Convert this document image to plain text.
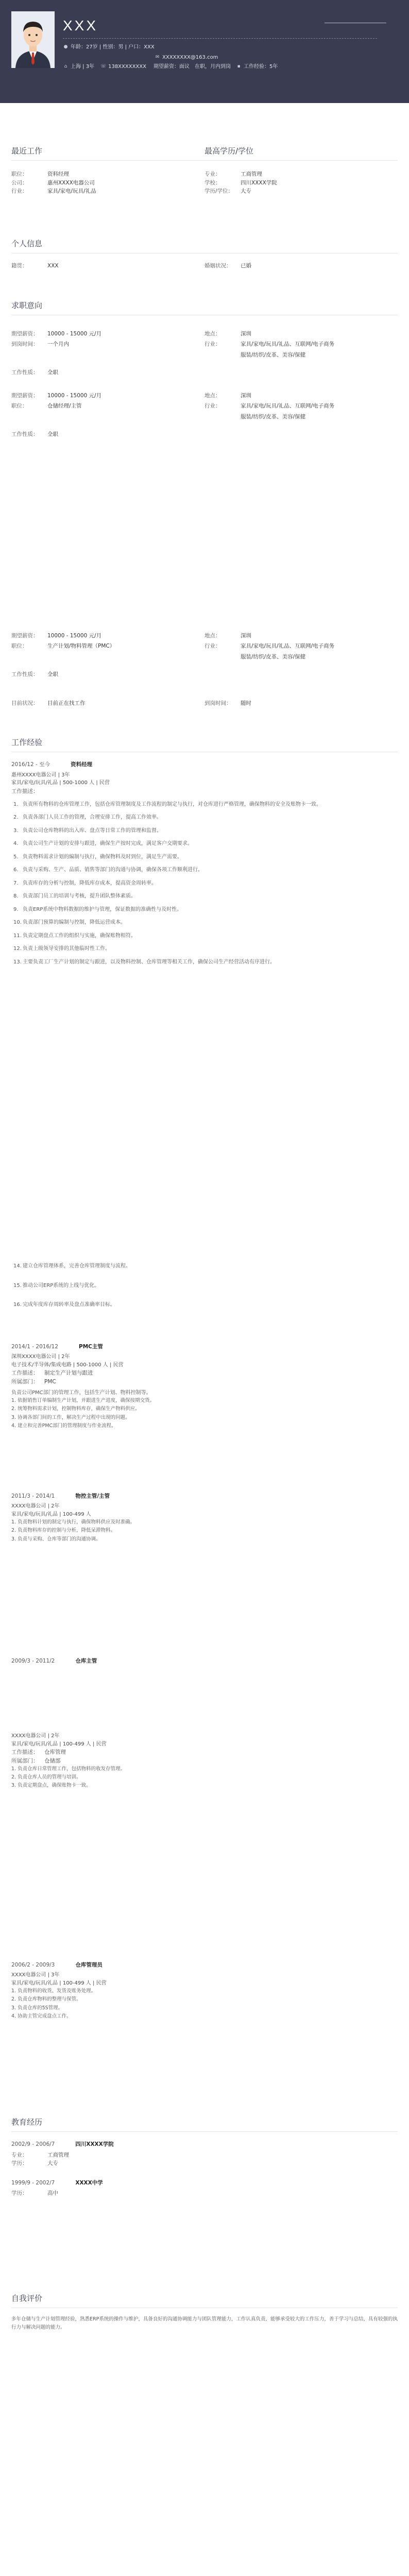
XXX
● 年龄：27岁 | 性别：男 | 户口：XXX
✉ XXXXXXXX@163.com
⌂ 上海 | 3年 ☏ 138XXXXXXXX 期望薪资：面议 在职，月内到岗 ▪ 工作经验：5年
最近工作	最高学历/学位
职位：	资料经理
公司：	惠州XXXX电器公司
行业：	家具/家电/玩具/礼品
专业：	工商管理
学校：	四川XXXX学院
学历/学位：	大专
个人信息
籍贯：	XXX	婚姻状况：	已婚
求职意向
期望薪资：	10000 - 15000 元/月
到岗时间：	一个月内
地点：	深圳
行业：	家具/家电/玩具/礼品、互联网/电子商务
服装/纺织/皮革、美容/保健
工作性质：	全职
期望薪资：	10000 - 15000 元/月
职位：	仓储经理/主管
地点：	深圳
行业：	家具/家电/玩具/礼品、互联网/电子商务
服装/纺织/皮革、美容/保健
工作性质：	全职
期望薪资：	10000 - 15000 元/月
职位：	生产计划/物料管理（PMC）
地点：	深圳
行业：	家具/家电/玩具/礼品、互联网/电子商务
服装/纺织/皮革、美容/保健
工作性质：	全职
目前状况：	目前正在找工作	到岗时间：	随时
工作经验
2016/12 - 至今	资料经理
惠州XXXX电器公司 | 3年
家具/家电/玩具/礼品 | 500-1000 人 | 民营
工作描述：
1. 负责所有物料的仓库管理工作，包括仓库管理制度及工作流程的制定与执行，对仓库进行严格管理，确保物料的安全及账物卡一致。
2. 负责各部门人员工作的管理，合理安排工作，提高工作效率。
3. 负责公司仓库物料的出入库、盘点等日常工作的管理和监督。
4. 负责公司生产计划的安排与跟进，确保生产按时完成，满足客户交期要求。
5. 负责物料需求计划的编制与执行，确保物料及时到位，满足生产需要。
6. 负责与采购、生产、品质、销售等部门的沟通与协调，确保各项工作顺利进行。
7. 负责库存的分析与控制，降低库存成本，提高资金周转率。
8. 负责部门员工的培训与考核，提升团队整体素质。
9. 负责ERP系统中物料数据的维护与管理，保证数据的准确性与及时性。
10. 负责部门预算的编制与控制，降低运营成本。
11. 负责定期盘点工作的组织与实施，确保账物相符。
12. 负责上级领导安排的其他临时性工作。
13. 主要负责工厂生产计划的制定与跟进，以及物料控制、仓库管理等相关工作，确保公司生产经营活动有序进行。
14. 建立仓库管理体系，完善仓库管理制度与流程。
15. 推动公司ERP系统的上线与优化。
16. 完成年度库存周转率及盘点准确率目标。
2014/1 - 2016/12	PMC主管
深圳XXXX电器公司 | 2年
电子技术/半导体/集成电路 | 500-1000 人 | 民营
工作描述：	制定生产计划与跟进
所属部门：	PMC
负责公司PMC部门的管理工作，包括生产计划、物料控制等。
1. 依据销售订单编制生产计划，并跟进生产进度，确保按期交货。
2. 统筹物料需求计划，控制物料库存，确保生产物料供应。
3. 协调各部门间的工作，解决生产过程中出现的问题。
4. 建立和完善PMC部门的管理制度与作业流程。
2011/3 - 2014/1	物控主管/主管
XXXX电器公司 | 2年
家具/家电/玩具/礼品 | 100-499 人
1. 负责物料计划的制定与执行，确保物料供应及时准确。
2. 负责物料库存的控制与分析，降低呆滞物料。
3. 负责与采购、仓库等部门的沟通协调。
2009/3 - 2011/2	仓库主管
XXXX电器公司 | 2年
家具/家电/玩具/礼品 | 100-499 人 | 民营
工作描述：	仓库管理
所属部门：	仓储部
1. 负责仓库日常管理工作，包括物料的收发存管理。
2. 负责仓库人员的管理与培训。
3. 负责定期盘点，确保账物卡一致。
2006/2 - 2009/3	仓库管理员
XXXX电器公司 | 3年
家具/家电/玩具/礼品 | 100-499 人 | 民营
1. 负责物料的收货、发货及账务处理。
2. 负责仓库物料的整理与保管。
3. 负责仓库的5S管理。
4. 协助主管完成盘点工作。
教育经历
2002/9 - 2006/7	四川XXXX学院
专业：	工商管理
学历：	大专
1999/9 - 2002/7	XXXX中学
学历：	高中
自我评价
多年仓储与生产计划管理经验，熟悉ERP系统的操作与维护，具备良好的沟通协调能力与团队管理能力，工作认真负责，能够承受较大的工作压力，善于学习与总结，具有较强的执行力与解决问题的能力。
